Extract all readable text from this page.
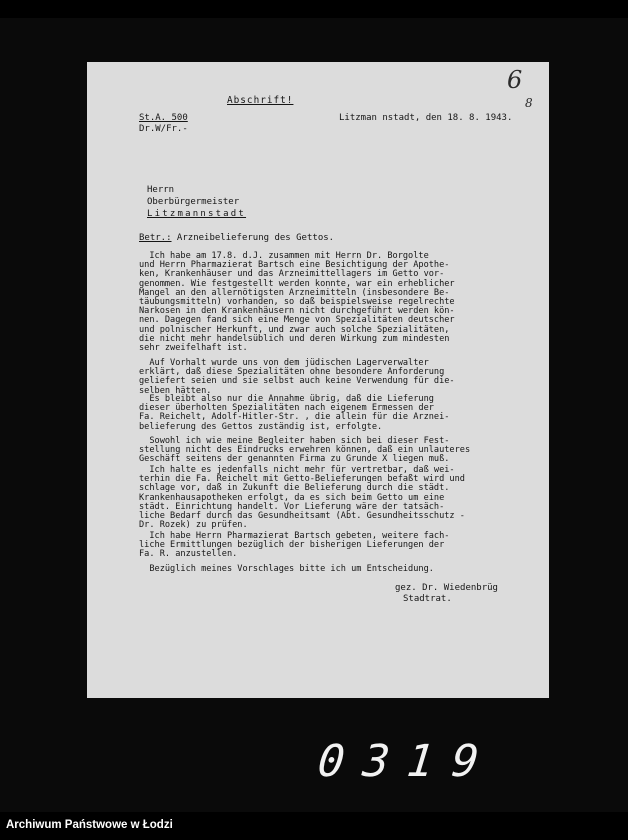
Abschrift!
6
8
St.A. 500
Dr.W/Fr.-
Litzman nstadt, den 18. 8. 1943.
Herrn
Oberbürgermeister
Litzmannstadt
Betr.: Arzneibelieferung des Gettos.
Ich habe am 17.8. d.J. zusammen mit Herrn Dr. Borgolte
und Herrn Pharmazierat Bartsch eine Besichtigung der Apothe-
ken, Krankenhäuser und das Arzneimittellagers im Getto vor-
genommen. Wie festgestellt werden konnte, war ein erheblicher
Mangel an den allernötigsten Arzneimitteln (insbesondere Be-
täubungsmitteln) vorhanden, so daß beispielsweise regelrechte
Narkosen in den Krankenhäusern nicht durchgeführt werden kön-
nen. Dagegen fand sich eine Menge von Spezialitäten deutscher
und polnischer Herkunft, und zwar auch solche Spezialitäten,
die nicht mehr handelsüblich und deren Wirkung zum mindesten
sehr zweifelhaft ist.
Auf Vorhalt wurde uns von dem jüdischen Lagerverwalter
erklärt, daß diese Spezialitäten ohne besondere Anforderung
geliefert seien und sie selbst auch keine Verwendung für die-
selben hätten.
Es bleibt also nur die Annahme übrig, daß die Lieferung
dieser überholten Spezialitäten nach eigenem Ermessen der
Fa. Reichelt, Adolf-Hitler-Str. , die allein für die Arznei-
belieferung des Gettos zuständig ist, erfolgte.
Sowohl ich wie meine Begleiter haben sich bei dieser Fest-
stellung nicht des Eindrucks erwehren können, daß ein unlauteres
Geschäft seitens der genannten Firma zu Grunde X liegen muß.
Ich halte es jedenfalls nicht mehr für vertretbar, daß wei-
terhin die Fa. Reichelt mit Getto-Belieferungen befaßt wird und
schlage vor, daß in Zukunft die Belieferung durch die städt.
Krankenhausapotheken erfolgt, da es sich beim Getto um eine
städt. Einrichtung handelt. Vor Lieferung wäre der tatsäch-
liche Bedarf durch das Gesundheitsamt (Abt. Gesundheitsschutz -
Dr. Rozek) zu prüfen.
Ich habe Herrn Pharmazierat Bartsch gebeten, weitere fach-
liche Ermittlungen bezüglich der bisherigen Lieferungen der
Fa. R. anzustellen.
Bezüglich meines Vorschlages bitte ich um Entscheidung.
gez. Dr. Wiedenbrüg
Stadtrat.
0 3 1 9
Archiwum Państwowe w Łodzi
